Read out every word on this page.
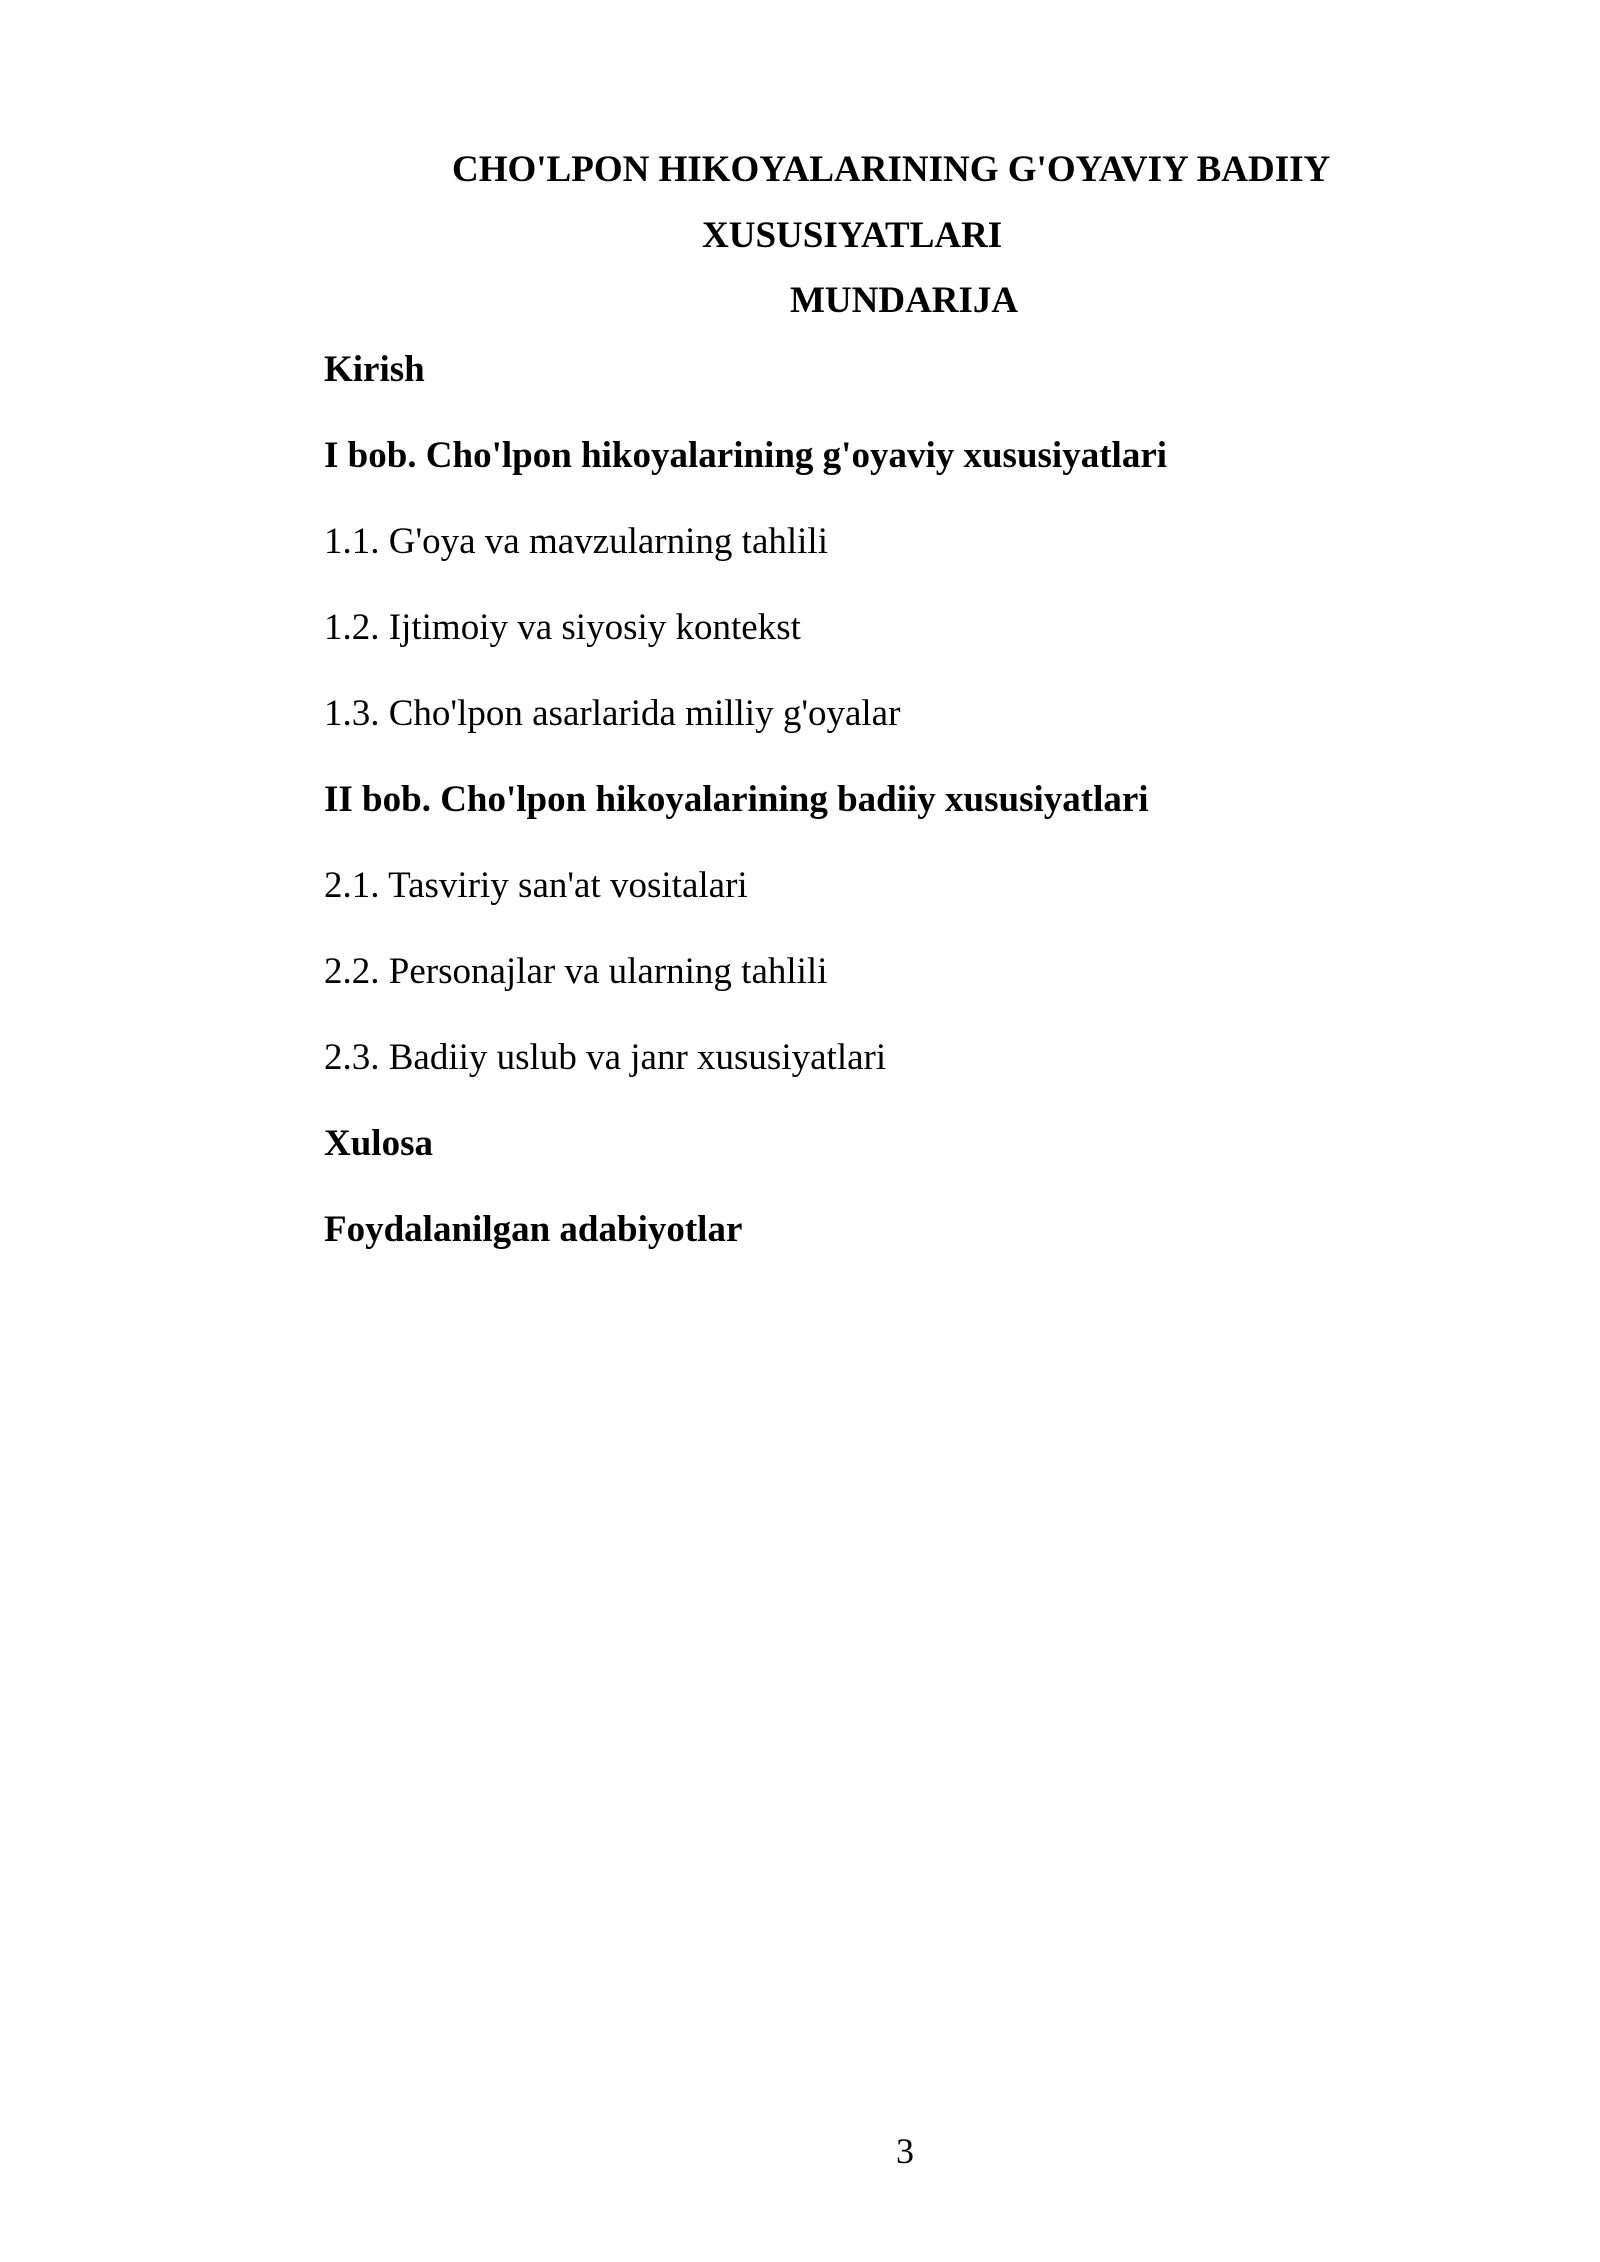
CHO'LPON HIKOYALARINING G'OYAVIY BADIIY
XUSUSIYATLARI
MUNDARIJA
Kirish
I bob. Cho'lpon hikoyalarining g'oyaviy xususiyatlari
1.1. G'oya va mavzularning tahlili
1.2. Ijtimoiy va siyosiy kontekst
1.3. Cho'lpon asarlarida milliy g'oyalar
II bob. Cho'lpon hikoyalarining badiiy xususiyatlari
2.1. Tasviriy san'at vositalari
2.2. Personajlar va ularning tahlili
2.3. Badiiy uslub va janr xususiyatlari
Xulosa
Foydalanilgan adabiyotlar
3
